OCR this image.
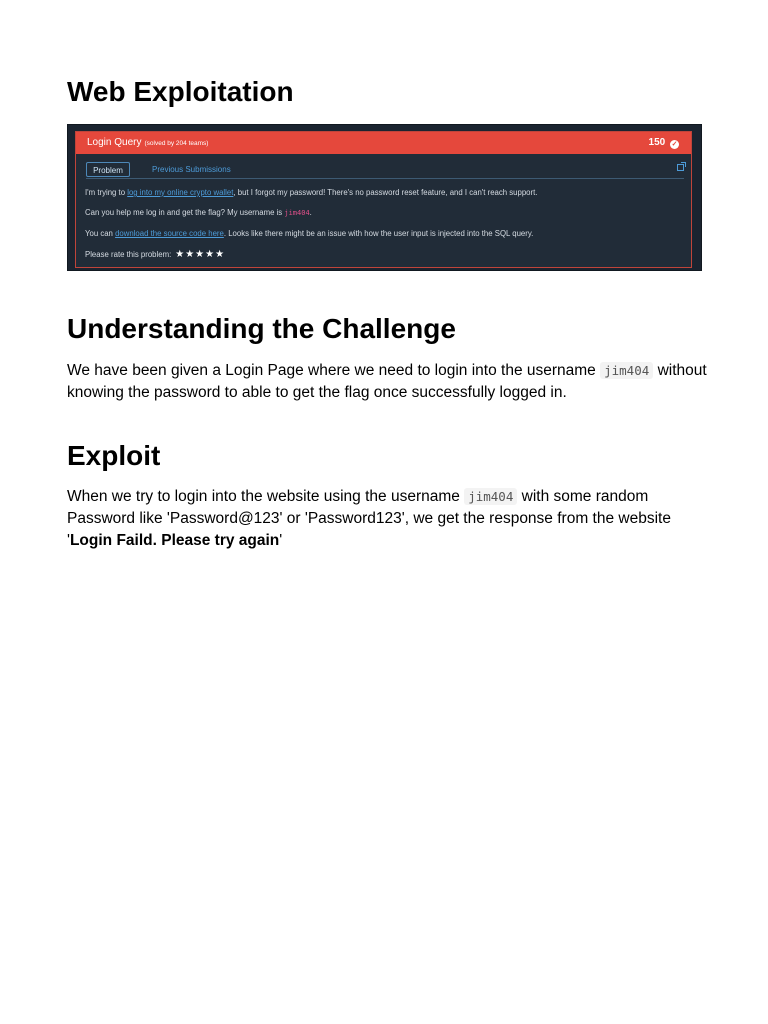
Web Exploitation
Login Query (solved by 204 teams)	150 ✓
Problem	Previous Submissions
I'm trying to log into my online crypto wallet, but I forgot my password! There's no password reset feature, and I can't reach support.
Can you help me log in and get the flag? My username is jim404.
You can download the source code here. Looks like there might be an issue with how the user input is injected into the SQL query.
Please rate this problem: ★★★★★
Understanding the Challenge

We have been given a Login Page where we need to login into the username jim404 without knowing the password to able to get the flag once successfully logged in.

Exploit

When we try to login into the website using the username jim404 with some random Password like 'Password@123' or 'Password123', we get the response from the website 'Login Faild. Please try again'
